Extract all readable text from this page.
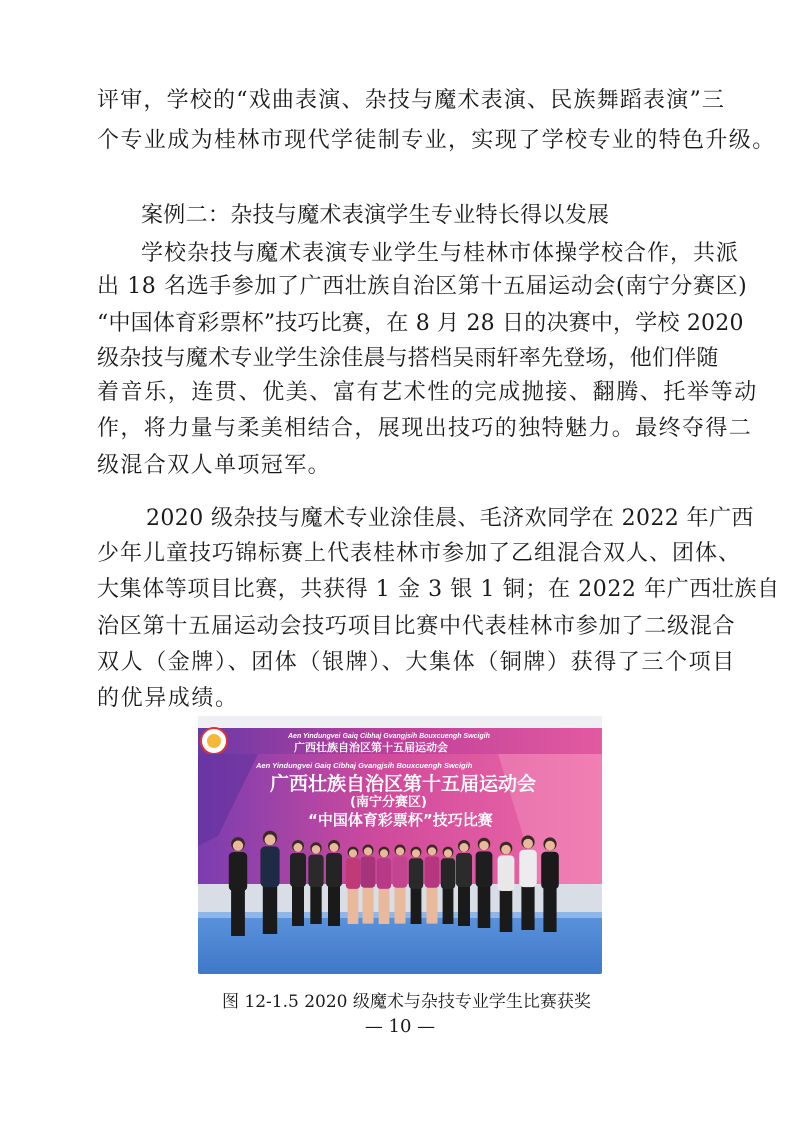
评审，学校的“戏曲表演、杂技与魔术表演、民族舞蹈表演”三
个专业成为桂林市现代学徒制专业，实现了学校专业的特色升级。
案例二：杂技与魔术表演学生专业特长得以发展
学校杂技与魔术表演专业学生与桂林市体操学校合作，共派
出 18 名选手参加了广西壮族自治区第十五届运动会(南宁分赛区)
“中国体育彩票杯”技巧比赛，在 8 月 28 日的决赛中，学校 2020
级杂技与魔术专业学生涂佳晨与搭档吴雨轩率先登场，他们伴随
着音乐，连贯、优美、富有艺术性的完成抛接、翻腾、托举等动
作，将力量与柔美相结合，展现出技巧的独特魅力。最终夺得二
级混合双人单项冠军。
2020 级杂技与魔术专业涂佳晨、毛济欢同学在 2022 年广西
少年儿童技巧锦标赛上代表桂林市参加了乙组混合双人、团体、
大集体等项目比赛，共获得 1 金 3 银 1 铜；在 2022 年广西壮族自
治区第十五届运动会技巧项目比赛中代表桂林市参加了二级混合
双人（金牌）、团体（银牌）、大集体（铜牌）获得了三个项目
的优异成绩。
Aen Yindungvei Gaiq Cibhaj Gvangjsih Bouxcuengh Swcigih
广西壮族自治区第十五届运动会
Aen Yindungvei Gaiq Cibhaj Gvangjsih Bouxcuengh Swcigih
广西壮族自治区第十五届运动会
(南宁分赛区)
“中国体育彩票杯”技巧比赛
图 12-1.5 2020 级魔术与杂技专业学生比赛获奖
— 10 —
